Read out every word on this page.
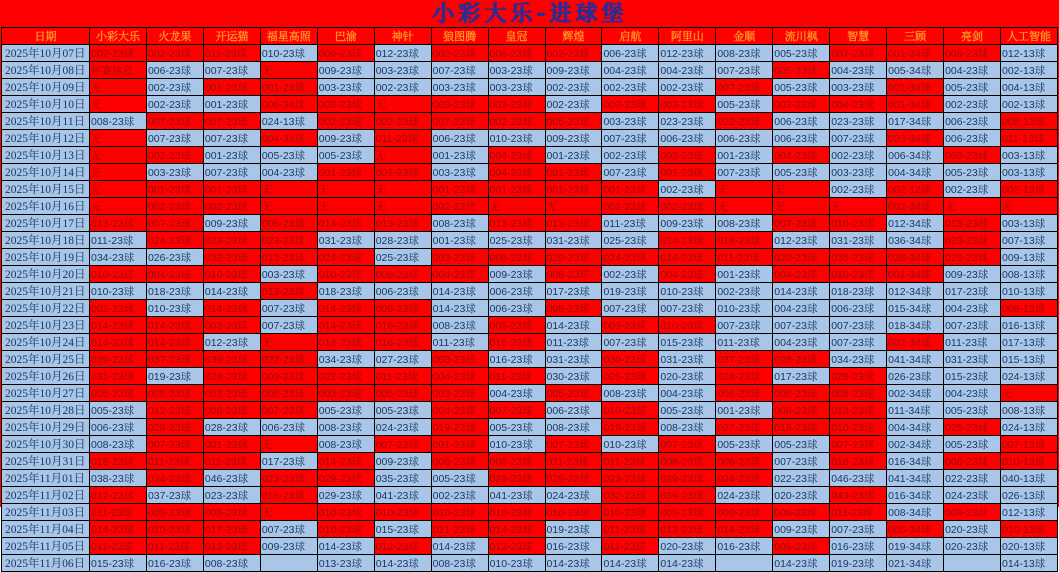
小彩大乐-进球堡
日期	小彩大乐	火龙果	开运猫	福星高照	巴渝	神针	狼图腾	皇冠	辉煌	启航	阿里山	金顺	流川枫	智慧	三顾	亮剑	人工智能
2025年10月07日	002-23球	002-23球	011-23球	010-23球	009-23球	012-23球	002-23球	006-23球	002-23球	006-23球	012-23球	008-23球	005-23球	007-23球	001-34球	009-23球	012-13球
2025年10月08日	杯赛休息	006-23球	007-23球	无	009-23球	003-23球	007-23球	003-23球	009-23球	004-23球	004-23球	007-23球	005-23球	004-23球	005-34球	004-23球	002-13球
2025年10月09日	无	002-23球	001-23球	001-23球	003-23球	002-23球	003-23球	003-23球	002-23球	002-23球	002-23球	007-23球	005-23球	003-23球	001-34球	005-23球	004-13球
2025年10月10日	无	002-23球	001-23球	006-34球	003-23球	无	003-23球	003-23球	002-23球	003-23球	003-23球	005-23球	003-23球	004-23球	001-34球	002-23球	002-13球
2025年10月11日	008-23球	007-23球	007-23球	024-13球	002-23球	002-23球	007-23球	002-23球	005-23球	003-23球	023-23球	022-23球	006-23球	023-23球	017-34球	006-23球	008-13球
2025年10月12日	无	007-23球	007-23球	004-34球	009-23球	011-23球	006-23球	010-23球	009-23球	007-23球	006-23球	006-23球	006-23球	007-23球	003-34球	006-23球	011-13球
2025年10月13日	无	002-23球	001-23球	005-23球	005-23球	无	001-23球	004-23球	001-23球	002-23球	003-23球	001-23球	004-23球	002-23球	006-34球	003-23球	003-13球
2025年10月14日	无	003-23球	007-23球	004-23球	001-23球	001-23球	003-23球	004-23球	001-23球	007-23球	001-23球	007-23球	005-23球	003-23球	004-34球	005-23球	003-13球
2025年10月15日	无	001-23球	001-23球	无	无	无	001-23球	001-23球	001-23球	001-23球	002-23球	无	无	002-23球	002-12球	002-23球	002-13球
2025年10月16日	无	002-23球	002-23球	无	无	无	002-23球	无	无	002-23球	002-23球	无	无	无	002-34球	无	无
2025年10月17日	013-23球	007-23球	009-23球	006-23球	014-23球	013-23球	008-23球	013-23球	013-23球	011-23球	009-23球	008-23球	007-23球	010-23球	012-34球	013-23球	003-13球
2025年10月18日	011-23球	024-23球	023-23球	023-23球	031-23球	028-23球	001-23球	025-23球	031-23球	025-23球	024-23球	019-23球	012-23球	031-23球	036-34球	023-23球	007-13球
2025年10月19日	034-23球	026-23球	032-23球	013-23球	024-23球	025-23球	003-23球	006-23球	029-23球	024-23球	014-23球	011-23球	020-23球	035-23球	028-34球	029-23球	009-13球
2025年10月20日	010-23球	004-23球	010-23球	003-23球	010-23球	008-23球	004-23球	009-23球	008-23球	002-23球	004-23球	001-23球	004-23球	010-23球	001-34球	009-23球	008-13球
2025年10月21日	010-23球	018-23球	014-23球	013-23球	018-23球	006-23球	014-23球	006-23球	017-23球	019-23球	010-23球	002-23球	014-23球	018-23球	012-34球	017-23球	010-13球
2025年10月22日	002-23球	010-23球	014-23球	007-23球	014-23球	008-23球	014-23球	006-23球	008-23球	007-23球	007-23球	010-23球	004-23球	006-23球	015-34球	004-23球	008-13球
2025年10月23日	014-23球	014-23球	003-23球	007-23球	014-23球	016-23球	008-23球	005-23球	014-23球	003-23球	010-23球	007-23球	007-23球	007-23球	018-34球	007-23球	016-13球
2025年10月24日	014-23球	014-23球	012-23球	无	014-23球	016-23球	011-23球	016-23球	011-23球	007-23球	015-23球	011-23球	004-23球	007-23球	002-34球	011-23球	017-13球
2025年10月25日	039-23球	037-23球	039-23球	022-23球	034-23球	027-23球	003-23球	016-23球	031-23球	030-23球	031-23球	037-23球	028-23球	034-23球	041-34球	031-23球	015-13球
2025年10月26日	031-23球	019-23球	028-23球	009-23球	022-23球	011-23球	004-23球	011-23球	030-23球	025-23球	020-23球	028-23球	017-23球	028-23球	026-23球	015-23球	024-13球
2025年10月27日	005-23球	008-23球	003-23球	006-23球	003-23球	005-23球	003-23球	004-23球	005-23球	008-23球	004-23球	006-23球	006-23球	008-23球	002-34球	004-23球	无
2025年10月28日	005-23球	012-23球	008-23球	007-23球	005-23球	005-23球	004-23球	007-23球	006-23球	010-23球	005-23球	001-23球	008-23球	013-23球	011-34球	005-23球	008-13球
2025年10月29日	006-23球	028-23球	028-23球	006-23球	008-23球	024-23球	019-23球	005-23球	008-23球	019-23球	008-23球	027-23球	019-23球	010-23球	004-34球	025-23球	024-13球
2025年10月30日	008-23球	007-23球	001-23球	无	008-23球	007-23球	001-23球	010-23球	007-23球	010-23球	007-23球	005-23球	005-23球	007-23球	002-34球	005-23球	007-13球
2025年10月31日	018-23球	011-23球	011-23球	017-23球	014-23球	009-23球	006-23球	008-23球	011-23球	011-23球	008-23球	006-23球	007-23球	018-23球	016-34球	006-23球	010-13球
2025年11月01日	038-23球	034-23球	046-23球	023-23球	029-23球	035-23球	005-23球	029-23球	029-23球	023-23球	029-23球	024-23球	022-23球	046-23球	041-34球	022-23球	040-13球
2025年11月02日	012-23球	037-23球	023-23球	015-23球	029-23球	041-23球	002-23球	041-23球	024-23球	032-23球	039-23球	024-23球	020-23球	043-23球	016-34球	024-23球	026-13球
2025年11月03日	011-23球	005-23球	005-23球	无	010-23球	010-23球	010-23球	010-23球	010-23球	010-23球	005-23球	009-23球	006-23球	011-23球	008-34球	009-23球	012-13球
2025年11月04日	014-23球	010-23球	017-23球	007-23球	010-23球	015-23球	021-23球	014-23球	019-23球	011-23球	013-23球	014-23球	009-23球	007-23球	005-34球	020-23球	010-13球
2025年11月05日	011-23球	011-23球	013-23球	009-23球	014-23球	012-23球	014-23球	012-23球	016-23球	011-23球	020-23球	016-23球	005-23球	016-23球	019-34球	020-23球	020-13球
2025年11月06日	015-23球	016-23球	008-23球		013-23球	014-23球	008-23球	010-23球	014-23球	014-23球	014-23球		014-23球	019-23球	021-34球		014-13球
